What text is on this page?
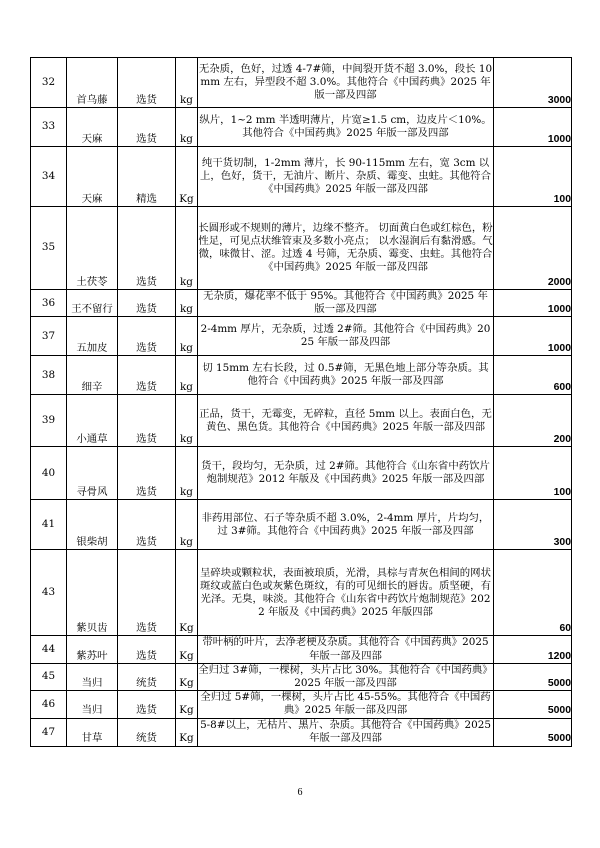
32	首乌藤	选货	kg	无杂质，色好，过透 4-7#筛，中间裂开货不超 3.0%，段长 10mm 左右，异型段不超 3.0%。其他符合《中国药典》2025 年版一部及四部	3000
33	天麻	选货	kg	纵片，1~2 mm 半透明薄片，片宽≥1.5 cm，边皮片＜10%。其他符合《中国药典》2025 年版一部及四部	1000
34	天麻	精选	Kg	纯干货切制，1-2mm 薄片，长 90-115mm 左右，宽 3cm 以上，色好，货干，无油片、断片、杂质、霉变、虫蛀。其他符合《中国药典》2025 年版一部及四部	100
35	土茯苓	选货	kg	长圆形或不规则的薄片，边缘不整齐。 切面黄白色或红棕色，粉性足，可见点状维管束及多数小亮点； 以水湿润后有黏滑感。气微，味微甘、涩。过透 4 号筛，无杂质、霉变、虫蛀。其他符合《中国药典》2025 年版一部及四部	2000
36	王不留行	选货	kg	无杂质，爆花率不低于 95%。其他符合《中国药典》2025 年版一部及四部	1000
37	五加皮	选货	kg	2-4mm 厚片，无杂质，过透 2#筛。其他符合《中国药典》2025 年版一部及四部	1000
38	细辛	选货	kg	切 15mm 左右长段，过 0.5#筛，无黑色地上部分等杂质。其他符合《中国药典》2025 年版一部及四部	600
39	小通草	选货	kg	正品，货干，无霉变，无碎粒，直径 5mm 以上。表面白色，无黄色、黑色货。其他符合《中国药典》2025 年版一部及四部	200
40	寻骨风	选货	kg	货干，段均匀，无杂质，过 2#筛。其他符合《山东省中药饮片炮制规范》2012 年版及《中国药典》2025 年版一部及四部	100
41	银柴胡	选货	kg	非药用部位、石子等杂质不超 3.0%，2-4mm 厚片，片均匀，过 3#筛。其他符合《中国药典》2025 年版一部及四部	300
43	紫贝齿	选货	Kg	呈碎块或颗粒状，表面被琅质，光滑，具棕与青灰色相间的网状斑纹或蓝白色或灰紫色斑纹，有的可见细长的唇齿。质坚硬，有光泽。无臭，味淡。其他符合《山东省中药饮片炮制规范》2022 年版及《中国药典》2025 年版四部	60
44	紫苏叶	选货	Kg	带叶柄的叶片，去净老梗及杂质。其他符合《中国药典》2025 年版一部及四部	1200
45	当归	统货	Kg	全归过 3#筛，一棵树，头片占比 30%。其他符合《中国药典》2025 年版一部及四部	5000
46	当归	选货	Kg	全归过 5#筛，一棵树，头片占比 45-55%。其他符合《中国药典》2025 年版一部及四部	5000
47	甘草	统货	Kg	5-8#以上，无枯片、黑片、杂质。其他符合《中国药典》2025 年版一部及四部	5000
6
